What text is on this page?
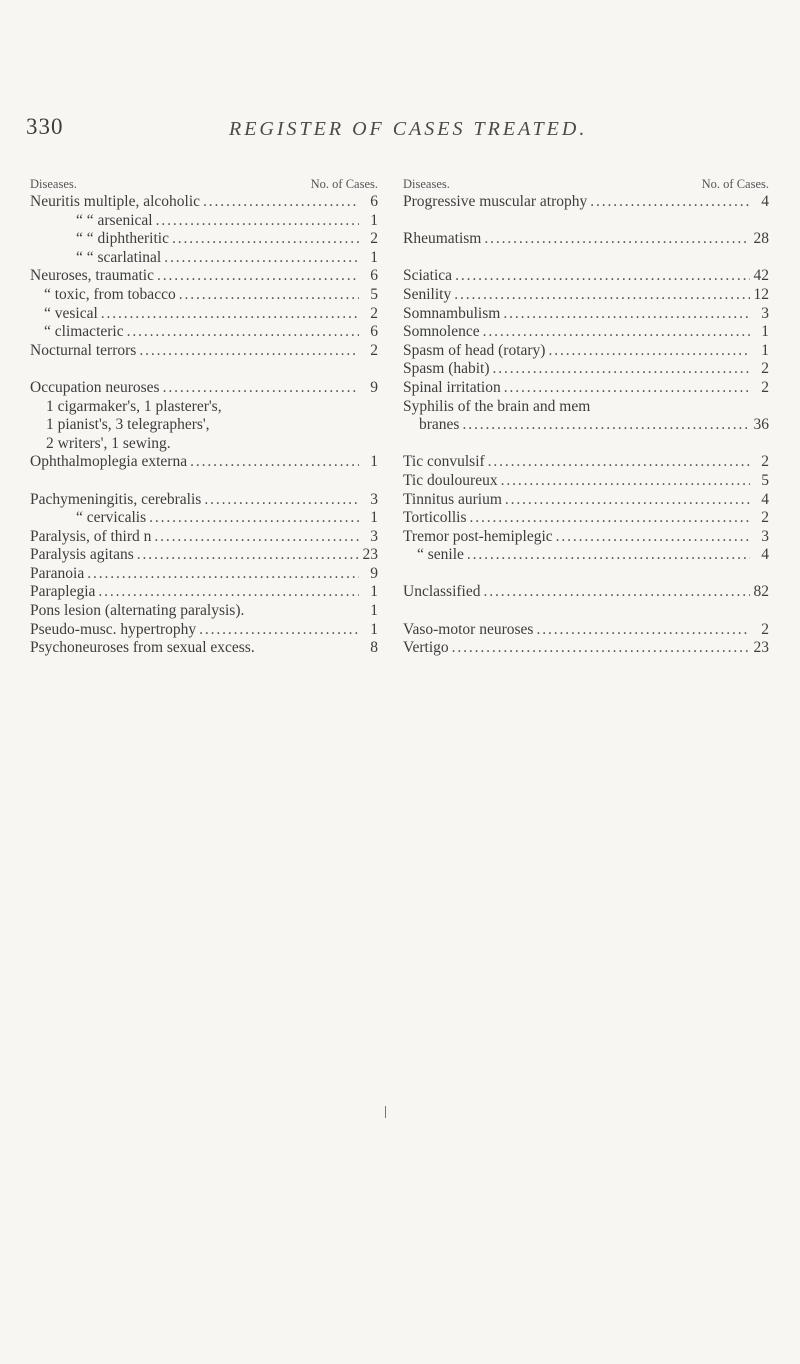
330	REGISTER OF CASES TREATED.
Diseases.	No. of Cases.
Neuritis multiple, alcoholic . . .	6
“ “ arsenical . . .	1
“ “ diphtheritic . . .	2
“ “ scarlatinal . . .	1
Neuroses, traumatic . . .	6
“ toxic, from tobacco . . .	5
“ vesical . . .	2
“ climacteric . . .	6
Nocturnal terrors . . .	2
Occupation neuroses . . .	9
1 cigarmaker's, 1 plasterer's,
1 pianist's, 3 telegraphers',
2 writers', 1 sewing.
Ophthalmoplegia externa . . .	1
Pachymeningitis, cerebralis . . .	3
“ cervicalis . . .	1
Paralysis, of third n . . .	3
Paralysis agitans . . .	23
Paranoia . . .	9
Paraplegia . . .	1
Pons lesion (alternating paralysis).	1
Pseudo-musc. hypertrophy . . .	1
Psychoneuroses from sexual excess.	8
Diseases.	No. of Cases.
Progressive muscular atrophy . . .	4
Rheumatism . . .	28
Sciatica . . .	42
Senility . . .	12
Somnambulism . . .	3
Somnolence . . .	1
Spasm of head (rotary) . . .	1
Spasm (habit) . . .	2
Spinal irritation . . .	2
Syphilis of the brain and mem
branes . . .	36
Tic convulsif . . .	2
Tic douloureux . . .	5
Tinnitus aurium . . .	4
Torticollis . . .	2
Tremor post-hemiplegic . . .	3
“ senile . . .	4
Unclassified . . .	82
Vaso-motor neuroses . . .	2
Vertigo . . .	23
